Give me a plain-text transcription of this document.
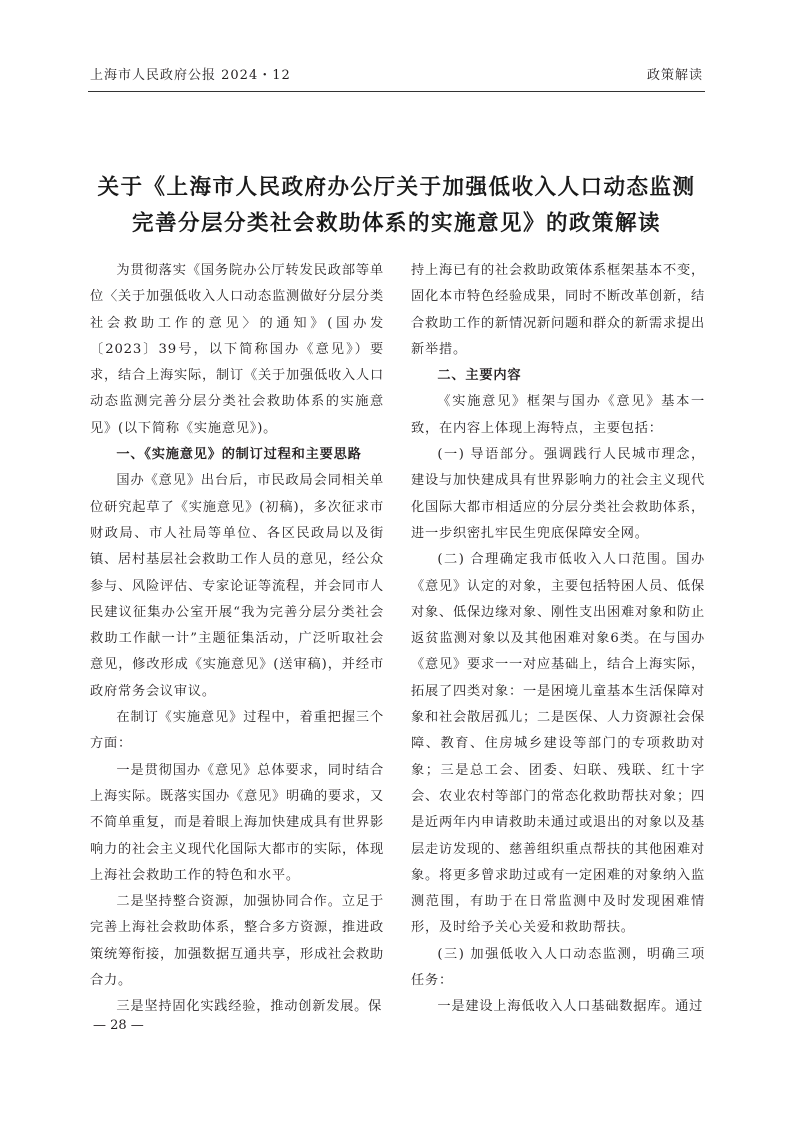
上海市人民政府公报 2024・12	政策解读
关于《上海市人民政府办公厅关于加强低收入人口动态监测
完善分层分类社会救助体系的实施意见》的政策解读

为贯彻落实《国务院办公厅转发民政部等单位〈关于加强低收入人口动态监测做好分层分类社会救助工作的意见〉的通知》(国办发〔2023〕39号，以下简称国办《意见》）要求，结合上海实际，制订《关于加强低收入人口动态监测完善分层分类社会救助体系的实施意见》(以下简称《实施意见》)。

一、《实施意见》的制订过程和主要思路

国办《意见》出台后，市民政局会同相关单位研究起草了《实施意见》(初稿)，多次征求市财政局、市人社局等单位、各区民政局以及街镇、居村基层社会救助工作人员的意见，经公众参与、风险评估、专家论证等流程，并会同市人民建议征集办公室开展“我为完善分层分类社会救助工作献一计”主题征集活动，广泛听取社会意见，修改形成《实施意见》(送审稿)，并经市政府常务会议审议。

在制订《实施意见》过程中，着重把握三个方面：

一是贯彻国办《意见》总体要求，同时结合上海实际。既落实国办《意见》明确的要求，又不简单重复，而是着眼上海加快建成具有世界影响力的社会主义现代化国际大都市的实际，体现上海社会救助工作的特色和水平。

二是坚持整合资源，加强协同合作。立足于完善上海社会救助体系，整合多方资源，推进政策统筹衔接，加强数据互通共享，形成社会救助合力。

三是坚持固化实践经验，推动创新发展。保

持上海已有的社会救助政策体系框架基本不变，固化本市特色经验成果，同时不断改革创新，结合救助工作的新情况新问题和群众的新需求提出新举措。

二、主要内容

《实施意见》框架与国办《意见》基本一致，在内容上体现上海特点，主要包括：

(一) 导语部分。强调践行人民城市理念，建设与加快建成具有世界影响力的社会主义现代化国际大都市相适应的分层分类社会救助体系，进一步织密扎牢民生兜底保障安全网。

(二) 合理确定我市低收入人口范围。国办《意见》认定的对象，主要包括特困人员、低保对象、低保边缘对象、刚性支出困难对象和防止返贫监测对象以及其他困难对象6类。在与国办《意见》要求一一对应基础上，结合上海实际，拓展了四类对象：一是困境儿童基本生活保障对象和社会散居孤儿；二是医保、人力资源社会保障、教育、住房城乡建设等部门的专项救助对象；三是总工会、团委、妇联、残联、红十字会、农业农村等部门的常态化救助帮扶对象；四是近两年内申请救助未通过或退出的对象以及基层走访发现的、慈善组织重点帮扶的其他困难对象。将更多曾求助过或有一定困难的对象纳入监测范围，有助于在日常监测中及时发现困难情形，及时给予关心关爱和救助帮扶。

(三) 加强低收入人口动态监测，明确三项任务：

一是建设上海低收入人口基础数据库。通过

— 28 —
